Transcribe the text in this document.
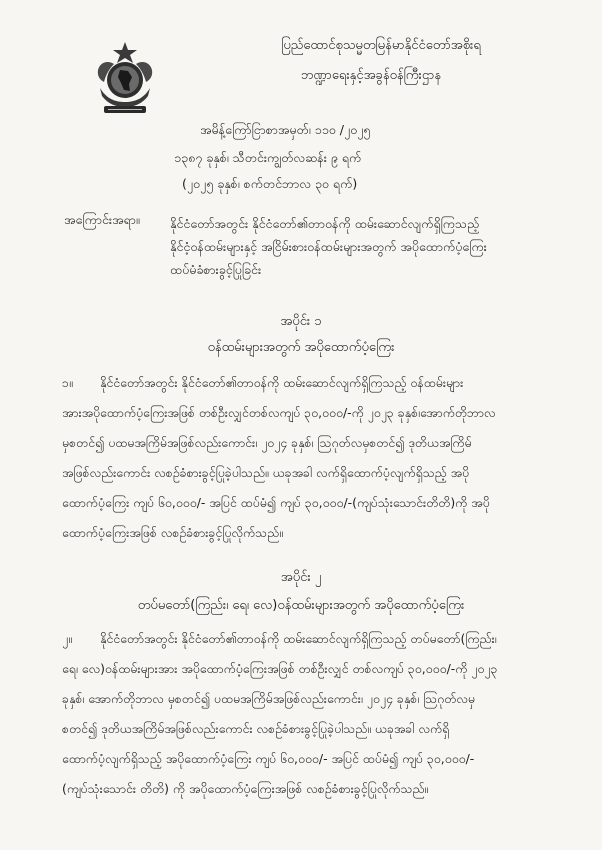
ပြည်ထောင်စုသမ္မတမြန်မာနိုင်ငံတော်အစိုးရ
ဘဏ္ဍာရေးနှင့်အခွန်ဝန်ကြီးဌာန
အမိန့်ကြော်ငြာစာအမှတ်၊ ၁၁၀ /၂၀၂၅
၁၃၈၇ ခုနှစ်၊ သီတင်းကျွတ်လဆန်း ၉ ရက်
(၂၀၂၅ ခုနှစ်၊ စက်တင်ဘာလ ၃၀ ရက်)
အကြောင်းအရာ။ နိုင်ငံတော်အတွင်း နိုင်ငံတော်၏တာဝန်ကို ထမ်းဆောင်လျက်ရှိကြသည့်
နိုင်ငံ့ဝန်ထမ်းများနှင့် အငြိမ်းစားဝန်ထမ်းများအတွက် အပိုထောက်ပံ့ကြေး
ထပ်မံခံစားခွင့်ပြုခြင်း
အပိုင်း ၁
ဝန်ထမ်းများအတွက် အပိုထောက်ပံ့ကြေး
၁။ နိုင်ငံတော်အတွင်း နိုင်ငံတော်၏တာဝန်ကို ထမ်းဆောင်လျက်ရှိကြသည့် ဝန်ထမ်းများ
အားအပိုထောက်ပံ့ကြေးအဖြစ် တစ်ဦးလျှင်တစ်လကျပ် ၃၀,၀၀၀/-ကို ၂၀၂၃ ခုနှစ်၊အောက်တိုဘာလ
မှစတင်၍ ပထမအကြိမ်အဖြစ်လည်းကောင်း၊ ၂၀၂၄ ခုနှစ်၊ ဩဂုတ်လမှစတင်၍ ဒုတိယအကြိမ်
အဖြစ်လည်းကောင်း လစဉ်ခံစားခွင့်ပြုခဲ့ပါသည်။ ယခုအခါ လက်ရှိထောက်ပံ့လျက်ရှိသည့် အပို
ထောက်ပံ့ကြေး ကျပ် ၆၀,၀၀၀/- အပြင် ထပ်မံ၍ ကျပ် ၃၀,၀၀၀/-(ကျပ်သုံးသောင်းတိတိ)ကို အပို
ထောက်ပံ့ကြေးအဖြစ် လစဉ်ခံစားခွင့်ပြုလိုက်သည်။
အပိုင်း ၂
တပ်မတော်(ကြည်း၊ ရေ၊ လေ)ဝန်ထမ်းများအတွက် အပိုထောက်ပံ့ကြေး
၂။ နိုင်ငံတော်အတွင်း နိုင်ငံတော်၏တာဝန်ကို ထမ်းဆောင်လျက်ရှိကြသည့် တပ်မတော်(ကြည်း၊
ရေ၊ လေ)ဝန်ထမ်းများအား အပိုထောက်ပံ့ကြေးအဖြစ် တစ်ဦးလျှင် တစ်လကျပ် ၃၀,၀၀၀/-ကို ၂၀၂၃
ခုနှစ်၊ အောက်တိုဘာလ မှစတင်၍ ပထမအကြိမ်အဖြစ်လည်းကောင်း၊ ၂၀၂၄ ခုနှစ်၊ ဩဂုတ်လမှ
စတင်၍ ဒုတိယအကြိမ်အဖြစ်လည်းကောင်း လစဉ်ခံစားခွင့်ပြုခဲ့ပါသည်။ ယခုအခါ လက်ရှိ
ထောက်ပံ့လျက်ရှိသည့် အပိုထောက်ပံ့ကြေး ကျပ် ၆၀,၀၀၀/- အပြင် ထပ်မံ၍ ကျပ် ၃၀,၀၀၀/-
(ကျပ်သုံးသောင်း တိတိ) ကို အပိုထောက်ပံ့ကြေးအဖြစ် လစဉ်ခံစားခွင့်ပြုလိုက်သည်။
